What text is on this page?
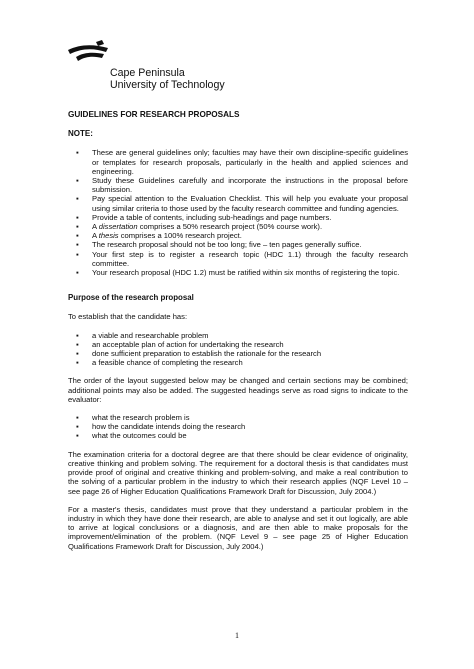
Cape Peninsula
University of Technology
GUIDELINES FOR RESEARCH PROPOSALS
NOTE:
▪ These are general guidelines only; faculties may have their own discipline-specific guidelines or templates for research proposals, particularly in the health and applied sciences and engineering.
▪ Study these Guidelines carefully and incorporate the instructions in the proposal before submission.
▪ Pay special attention to the Evaluation Checklist. This will help you evaluate your proposal using similar criteria to those used by the faculty research committee and funding agencies.
▪ Provide a table of contents, including sub-headings and page numbers.
▪ A dissertation comprises a 50% research project (50% course work).
▪ A thesis comprises a 100% research project.
▪ The research proposal should not be too long; five – ten pages generally suffice.
▪ Your first step is to register a research topic (HDC 1.1) through the faculty research committee.
▪ Your research proposal (HDC 1.2) must be ratified within six months of registering the topic.
Purpose of the research proposal

To establish that the candidate has:

▪ a viable and researchable problem
▪ an acceptable plan of action for undertaking the research
▪ done sufficient preparation to establish the rationale for the research
▪ a feasible chance of completing the research

The order of the layout suggested below may be changed and certain sections may be combined; additional points may also be added. The suggested headings serve as road signs to indicate to the evaluator:

▪ what the research problem is
▪ how the candidate intends doing the research
▪ what the outcomes could be

The examination criteria for a doctoral degree are that there should be clear evidence of originality, creative thinking and problem solving. The requirement for a doctoral thesis is that candidates must provide proof of original and creative thinking and problem-solving, and make a real contribution to the solving of a particular problem in the industry to which their research applies (NQF Level 10 – see page 26 of Higher Education Qualifications Framework Draft for Discussion, July 2004.)

For a master's thesis, candidates must prove that they understand a particular problem in the industry in which they have done their research, are able to analyse and set it out logically, are able to arrive at logical conclusions or a diagnosis, and are then able to make proposals for the improvement/elimination of the problem. (NQF Level 9 – see page 25 of Higher Education Qualifications Framework Draft for Discussion, July 2004.)

1
